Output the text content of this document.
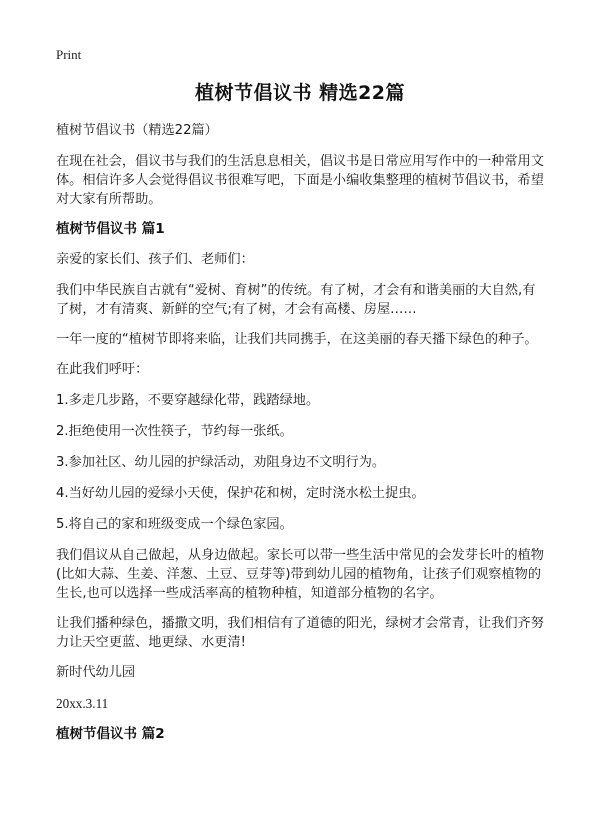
Print
植树节倡议书 精选22篇

植树节倡议书（精选22篇）

在现在社会，倡议书与我们的生活息息相关，倡议书是日常应用写作中的一种常用文体。相信许多人会觉得倡议书很难写吧，下面是小编收集整理的植树节倡议书，希望对大家有所帮助。

植树节倡议书 篇1

亲爱的家长们、孩子们、老师们：

我们中华民族自古就有“爱树、育树”的传统。有了树，才会有和谐美丽的大自然,有了树，才有清爽、新鲜的空气;有了树，才会有高楼、房屋……

一年一度的“植树节即将来临，让我们共同携手，在这美丽的春天播下绿色的种子。

在此我们呼吁：

1.多走几步路，不要穿越绿化带，践踏绿地。

2.拒绝使用一次性筷子，节约每一张纸。

3.参加社区、幼儿园的护绿活动，劝阻身边不文明行为。

4.当好幼儿园的爱绿小天使，保护花和树，定时浇水松土捉虫。

5.将自己的家和班级变成一个绿色家园。

我们倡议从自己做起，从身边做起。家长可以带一些生活中常见的会发芽长叶的植物(比如大蒜、生姜、洋葱、土豆、豆芽等)带到幼儿园的植物角，让孩子们观察植物的生长,也可以选择一些成活率高的植物种植，知道部分植物的名字。

让我们播种绿色，播撒文明，我们相信有了道德的阳光，绿树才会常青，让我们齐努力让天空更蓝、地更绿、水更清!

新时代幼儿园

20xx.3.11

植树节倡议书 篇2
